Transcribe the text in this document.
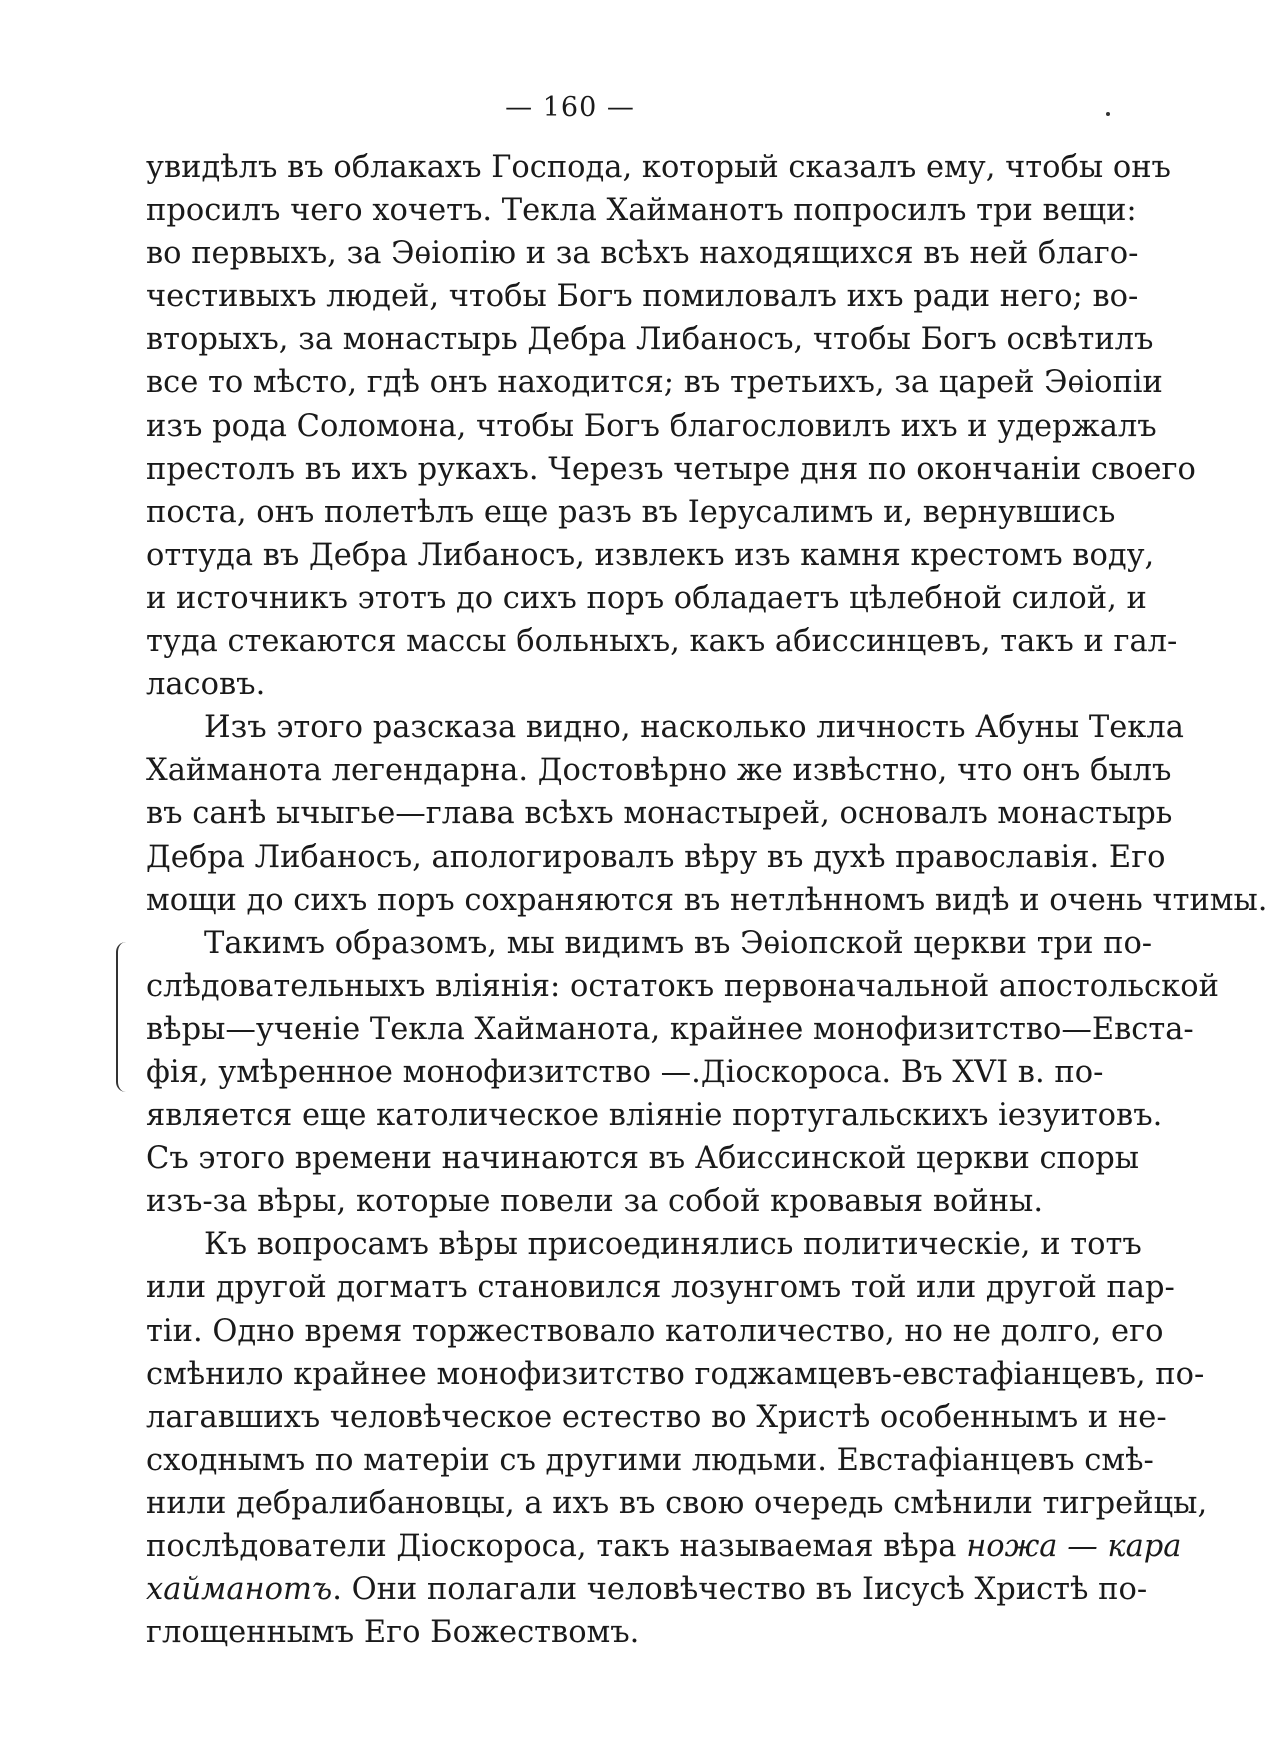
— 160 —
увидѣлъ въ облакахъ Господа, который сказалъ ему, чтобы онъ
просилъ чего хочетъ. Текла Хайманотъ попросилъ три вещи:
во первыхъ, за Эѳіопію и за всѣхъ находящихся въ ней благо-
честивыхъ людей, чтобы Богъ помиловалъ ихъ ради него; во-
вторыхъ, за монастырь Дебра Либаносъ, чтобы Богъ освѣтилъ
все то мѣсто, гдѣ онъ находится; въ третьихъ, за царей Эѳіопіи
изъ рода Соломона, чтобы Богъ благословилъ ихъ и удержалъ
престолъ въ ихъ рукахъ. Черезъ четыре дня по окончаніи своего
поста, онъ полетѣлъ еще разъ въ Іерусалимъ и, вернувшись
оттуда въ Дебра Либаносъ, извлекъ изъ камня крестомъ воду,
и источникъ этотъ до сихъ поръ обладаетъ цѣлебной силой, и
туда стекаются массы больныхъ, какъ абиссинцевъ, такъ и гал-
ласовъ.
Изъ этого разсказа видно, насколько личность Абуны Текла
Хайманота легендарна. Достовѣрно же извѣстно, что онъ былъ
въ санѣ ычыгье—глава всѣхъ монастырей, основалъ монастырь
Дебра Либаносъ, апологировалъ вѣру въ духѣ православія. Его
мощи до сихъ поръ сохраняются въ нетлѣнномъ видѣ и очень чтимы.
Такимъ образомъ, мы видимъ въ Эѳіопской церкви три по-
слѣдовательныхъ вліянія: остатокъ первоначальной апостольской
вѣры—ученіе Текла Хайманота, крайнее монофизитство—Евста-
фія, умѣренное монофизитство —.Діоскороса. Въ XVI в. по-
является еще католическое вліяніе португальскихъ іезуитовъ.
Съ этого времени начинаются въ Абиссинской церкви споры
изъ-за вѣры, которые повели за собой кровавыя войны.
Къ вопросамъ вѣры присоединялись политическіе, и тотъ
или другой догматъ становился лозунгомъ той или другой пар-
тіи. Одно время торжествовало католичество, но не долго, его
смѣнило крайнее монофизитство годжамцевъ-евстафіанцевъ, по-
лагавшихъ человѣческое естество во Христѣ особеннымъ и не-
сходнымъ по матеріи съ другими людьми. Евстафіанцевъ смѣ-
нили дебралибановцы, а ихъ въ свою очередь смѣнили тигрейцы,
послѣдователи Діоскороса, такъ называемая вѣра ножа — кара
хайманотъ. Они полагали человѣчество въ Іисусѣ Христѣ по-
глощеннымъ Его Божествомъ.
